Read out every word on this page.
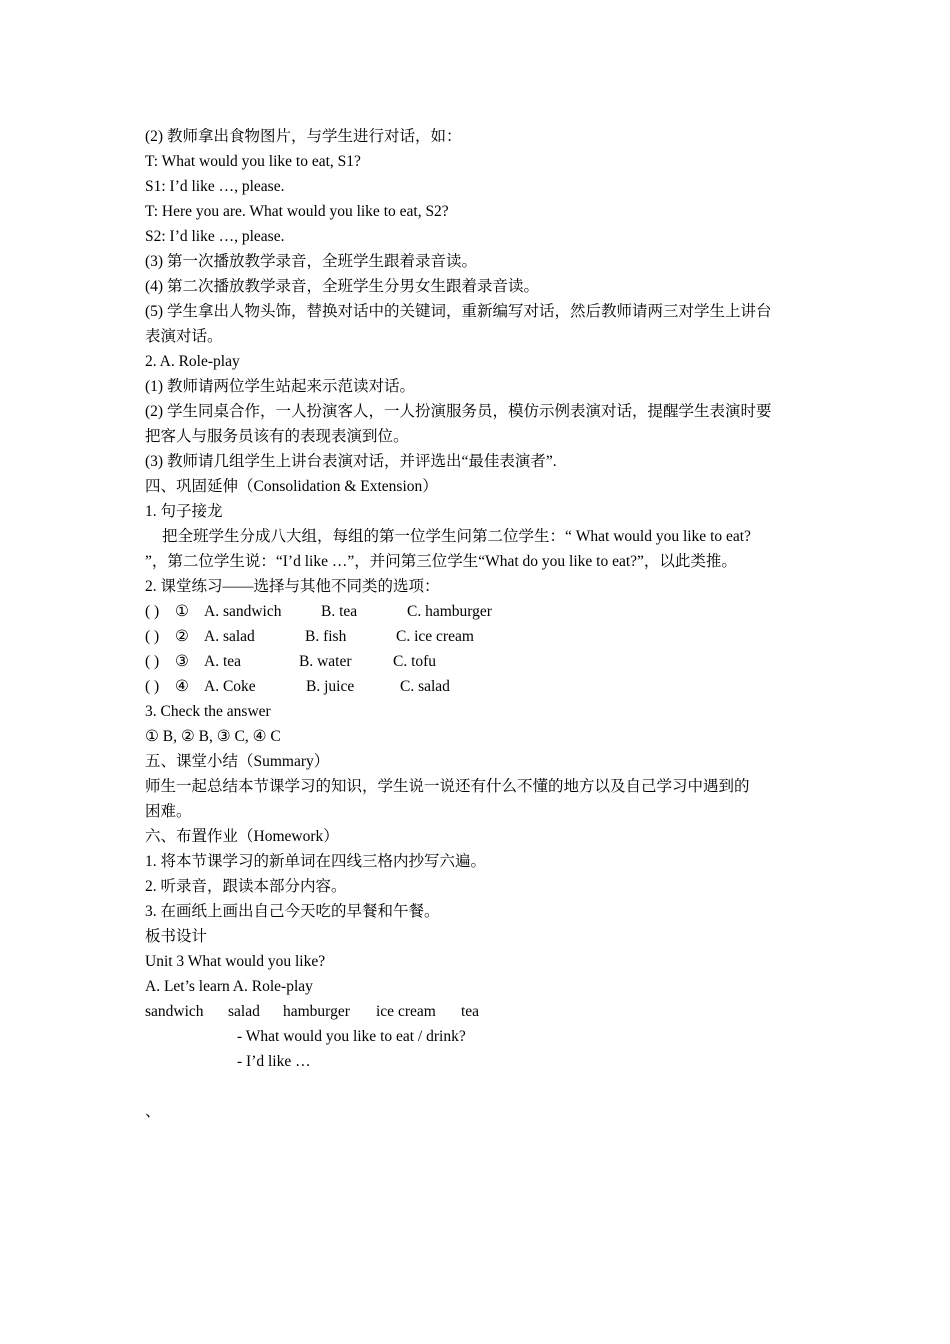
(2) 教师拿出食物图片，与学生进行对话，如：
T: What would you like to eat, S1?
S1: I’d like …, please.
T: Here you are. What would you like to eat, S2?
S2: I’d like …, please.
(3) 第一次播放教学录音，全班学生跟着录音读。
(4) 第二次播放教学录音，全班学生分男女生跟着录音读。
(5) 学生拿出人物头饰，替换对话中的关键词，重新编写对话，然后教师请两三对学生上讲台
表演对话。
2. A. Role-play
(1) 教师请两位学生站起来示范读对话。
(2) 学生同桌合作，一人扮演客人，一人扮演服务员，模仿示例表演对话，提醒学生表演时要
把客人与服务员该有的表现表演到位。
(3) 教师请几组学生上讲台表演对话，并评选出“最佳表演者”.
四、巩固延伸（Consolidation & Extension）
1. 句子接龙
把全班学生分成八大组，每组的第一位学生问第二位学生：“ What would you like to eat?
”，第二位学生说：“I’d like …”，并问第三位学生“What do you like to eat?”，以此类推。
2. 课堂练习——选择与其他不同类的选项：
( ) ① A. sandwich	B. tea	C. hamburger
( ) ② A. salad	B. fish	C. ice cream
( ) ③ A. tea	B. water	C. tofu
( ) ④ A. Coke	B. juice	C. salad
3. Check the answer
① B, ② B, ③ C, ④ C
五、课堂小结（Summary）
师生一起总结本节课学习的知识，学生说一说还有什么不懂的地方以及自己学习中遇到的
困难。
六、布置作业（Homework）
1. 将本节课学习的新单词在四线三格内抄写六遍。
2. 听录音，跟读本部分内容。
3. 在画纸上画出自己今天吃的早餐和午餐。
板书设计
Unit 3 What would you like?
A. Let’s learn A. Role-play
sandwich salad hamburger ice cream tea
- What would you like to eat / drink?
- I’d like …
、
